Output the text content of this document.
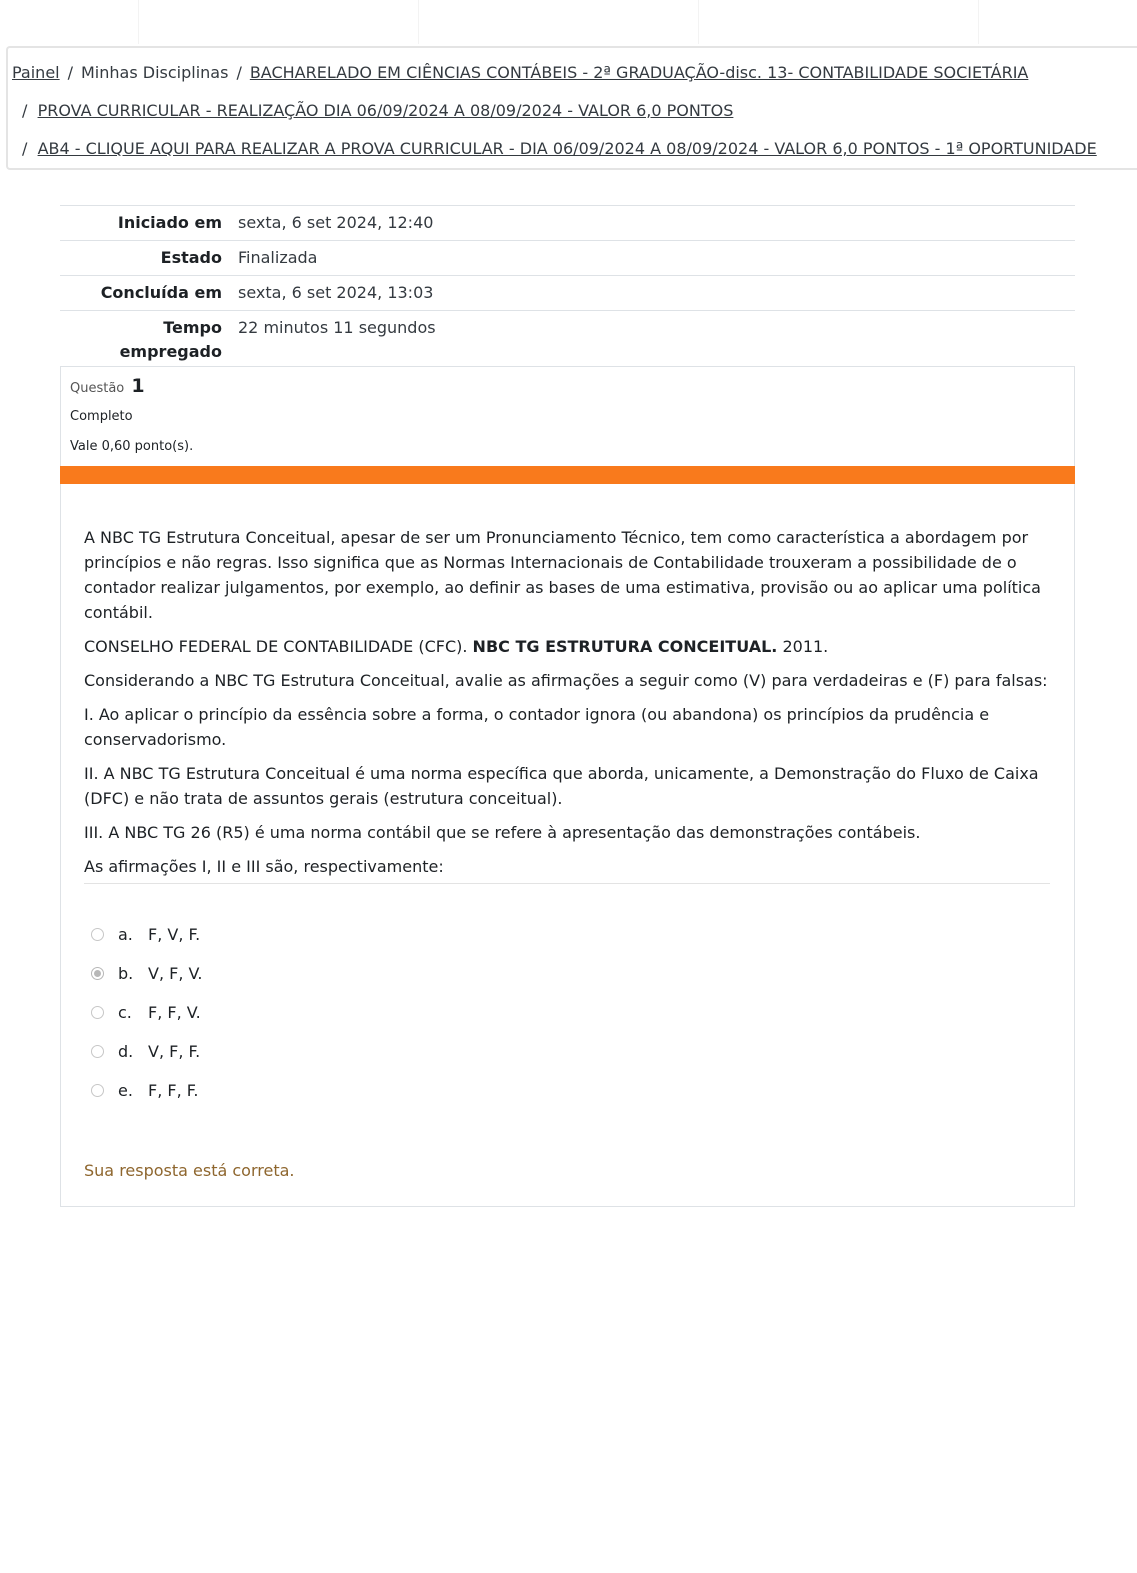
Painel / Minhas Disciplinas / BACHARELADO EM CIÊNCIAS CONTÁBEIS - 2ª GRADUAÇÃO-disc. 13- CONTABILIDADE SOCIETÁRIA
/ PROVA CURRICULAR - REALIZAÇÃO DIA 06/09/2024 A 08/09/2024 - VALOR 6,0 PONTOS
/ AB4 - CLIQUE AQUI PARA REALIZAR A PROVA CURRICULAR - DIA 06/09/2024 A 08/09/2024 - VALOR 6,0 PONTOS - 1ª OPORTUNIDADE
Iniciado em	sexta, 6 set 2024, 12:40
Estado	Finalizada
Concluída em	sexta, 6 set 2024, 13:03
Tempo
empregado	22 minutos 11 segundos
Questão 1
Completo
Vale 0,60 ponto(s).

A NBC TG Estrutura Conceitual, apesar de ser um Pronunciamento Técnico, tem como característica a abordagem por princípios e não regras. Isso significa que as Normas Internacionais de Contabilidade trouxeram a possibilidade de o contador realizar julgamentos, por exemplo, ao definir as bases de uma estimativa, provisão ou ao aplicar uma política contábil.

CONSELHO FEDERAL DE CONTABILIDADE (CFC). NBC TG ESTRUTURA CONCEITUAL. 2011.

Considerando a NBC TG Estrutura Conceitual, avalie as afirmações a seguir como (V) para verdadeiras e (F) para falsas:

I. Ao aplicar o princípio da essência sobre a forma, o contador ignora (ou abandona) os princípios da prudência e conservadorismo.

II. A NBC TG Estrutura Conceitual é uma norma específica que aborda, unicamente, a Demonstração do Fluxo de Caixa (DFC) e não trata de assuntos gerais (estrutura conceitual).

III. A NBC TG 26 (R5) é uma norma contábil que se refere à apresentação das demonstrações contábeis.

As afirmações I, II e III são, respectivamente:

a. F, V, F.
b. V, F, V.
c.	F, F, V.
d. V, F, F.
e. F, F, F.
Sua resposta está correta.
